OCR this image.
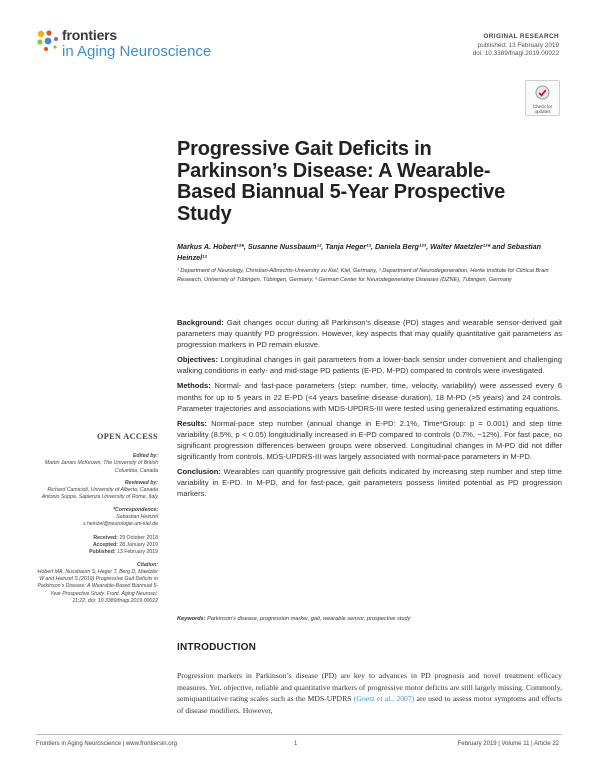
frontiers
in Aging Neuroscience
ORIGINAL RESEARCH
published: 13 February 2019
doi: 10.3389/fnagi.2019.00022
Check for updates
Progressive Gait Deficits in Parkinson’s Disease: A Wearable-Based Biannual 5-Year Prospective Study
Markus A. Hobert¹²*, Susanne Nussbaum¹², Tanja Heger¹², Daniela Berg¹²³, Walter Maetzler¹²* and Sebastian Heinzel¹²
¹ Department of Neurology, Christian-Albrechts-University zu Kiel, Kiel, Germany, ² Department of Neurodegeneration, Hertie Institute for Clinical Brain Research, University of Tübingen, Tübingen, Germany, ³ German Center for Neurodegenerative Diseases (DZNE), Tübingen, Germany

Background: Gait changes occur during all Parkinson’s disease (PD) stages and wearable sensor-derived gait parameters may quantify PD progression. However, key aspects that may qualify quantitative gait parameters as progression markers in PD remain elusive.

Objectives: Longitudinal changes in gait parameters from a lower-back sensor under convenient and challenging walking conditions in early- and mid-stage PD patients (E-PD, M-PD) compared to controls were investigated.

Methods: Normal- and fast-pace parameters (step: number, time, velocity, variability) were assessed every 6 months for up to 5 years in 22 E-PD (<4 years baseline disease duration), 18 M-PD (>5 years) and 24 controls. Parameter trajectories and associations with MDS-UPDRS-III were tested using generalized estimating equations.

Results: Normal-pace step number (annual change in E-PD: 2.1%, Time*Group: p = 0.001) and step time variability (8.5%, p < 0.05) longitudinally increased in E-PD compared to controls (0.7%, −12%). For fast pace, no significant progression differences between groups were observed. Longitudinal changes in M-PD did not differ significantly from controls. MDS-UPDRS-III was largely associated with normal-pace parameters in M-PD.

Conclusion: Wearables can quantify progressive gait deficits indicated by increasing step number and step time variability in E-PD. In M-PD, and for fast-pace, gait parameters possess limited potential as PD progression markers.

Keywords: Parkinson’s disease, progression marker, gait, wearable sensor, prospective study
OPEN ACCESS
Edited by:
Martin James McKeown, The University of British Columbia, Canada
Reviewed by:
Richard Camicioli, University of Alberta, Canada
Antonio Suppa, Sapienza University of Rome, Italy
*Correspondence:
Sebastian Heinzel
s.heinzel@neurologie.uni-kiel.de
Received: 29 October 2018
Accepted: 28 January 2019
Published: 13 February 2019
Citation:
Hobert MA, Nussbaum S, Heger T, Berg D, Maetzler W and Heinzel S (2019) Progressive Gait Deficits in Parkinson’s Disease: A Wearable-Based Biannual 5-Year Prospective Study. Front. Aging Neurosci. 11:22. doi: 10.3389/fnagi.2019.00022
INTRODUCTION
Progression markers in Parkinson’s disease (PD) are key to advances in PD prognosis and novel treatment efficacy measures. Yet, objective, reliable and quantitative markers of progressive motor deficits are still largely missing. Commonly, semiquantitative rating scales such as the MDS-UPDRS (Goetz et al., 2007) are used to assess motor symptoms and effects of disease modifiers. However,
Frontiers in Aging Neuroscience | www.frontiersin.org	1	February 2019 | Volume 11 | Article 22
